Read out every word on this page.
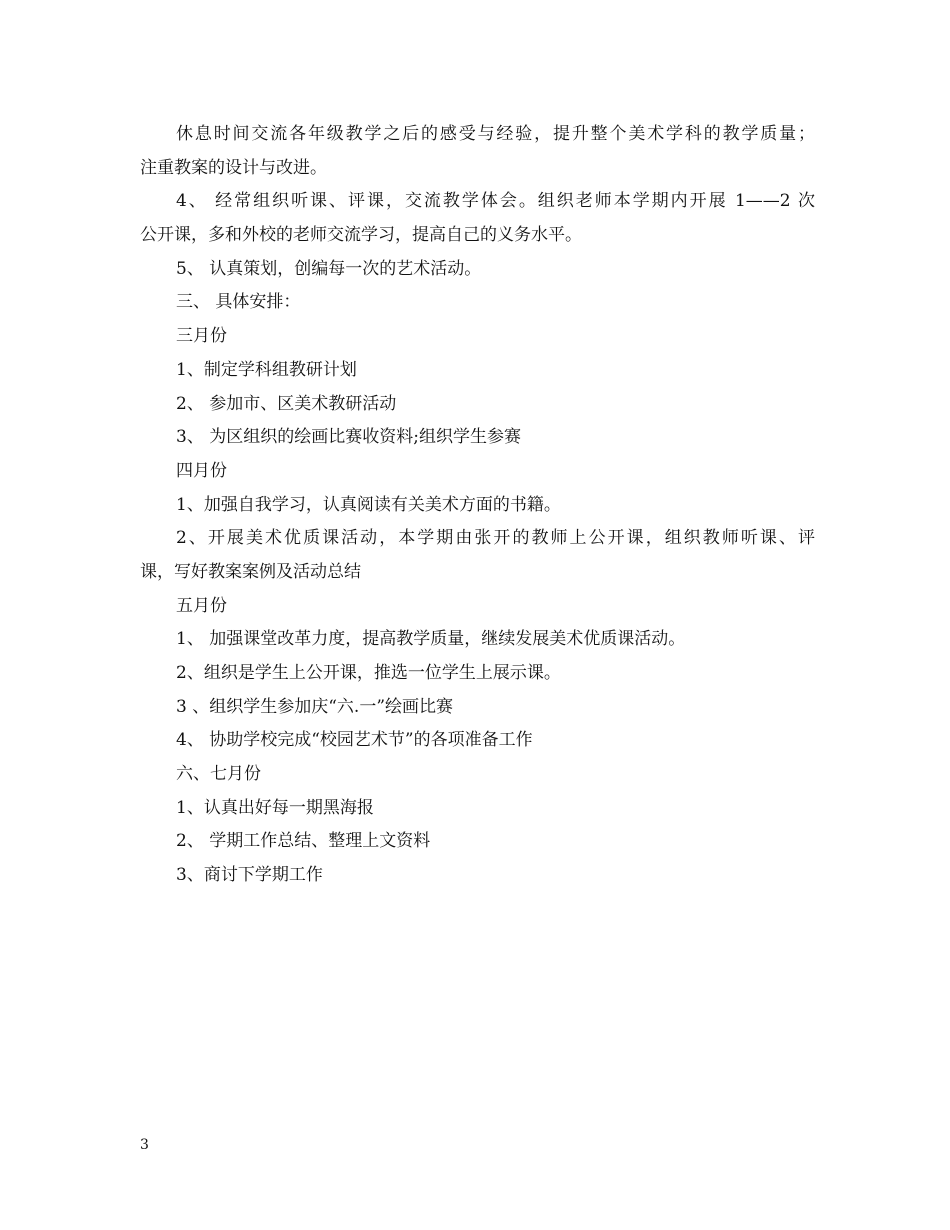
休息时间交流各年级教学之后的感受与经验，提升整个美术学科的教学质量；
注重教案的设计与改进。
4、 经常组织听课、评课，交流教学体会。组织老师本学期内开展 1——2 次
公开课，多和外校的老师交流学习，提高自己的义务水平。
5、 认真策划，创编每一次的艺术活动。
三、 具体安排：
三月份
1、制定学科组教研计划
2、 参加市、区美术教研活动
3、 为区组织的绘画比赛收资料;组织学生参赛
四月份
1、加强自我学习，认真阅读有关美术方面的书籍。
2、开展美术优质课活动，本学期由张开的教师上公开课，组织教师听课、评
课，写好教案案例及活动总结
五月份
1、 加强课堂改革力度，提高教学质量，继续发展美术优质课活动。
2、组织是学生上公开课，推选一位学生上展示课。
3 、组织学生参加庆“六.一”绘画比赛
4、 协助学校完成“校园艺术节”的各项准备工作
六、七月份
1、认真出好每一期黑海报
2、 学期工作总结、整理上文资料
3、商讨下学期工作
3
